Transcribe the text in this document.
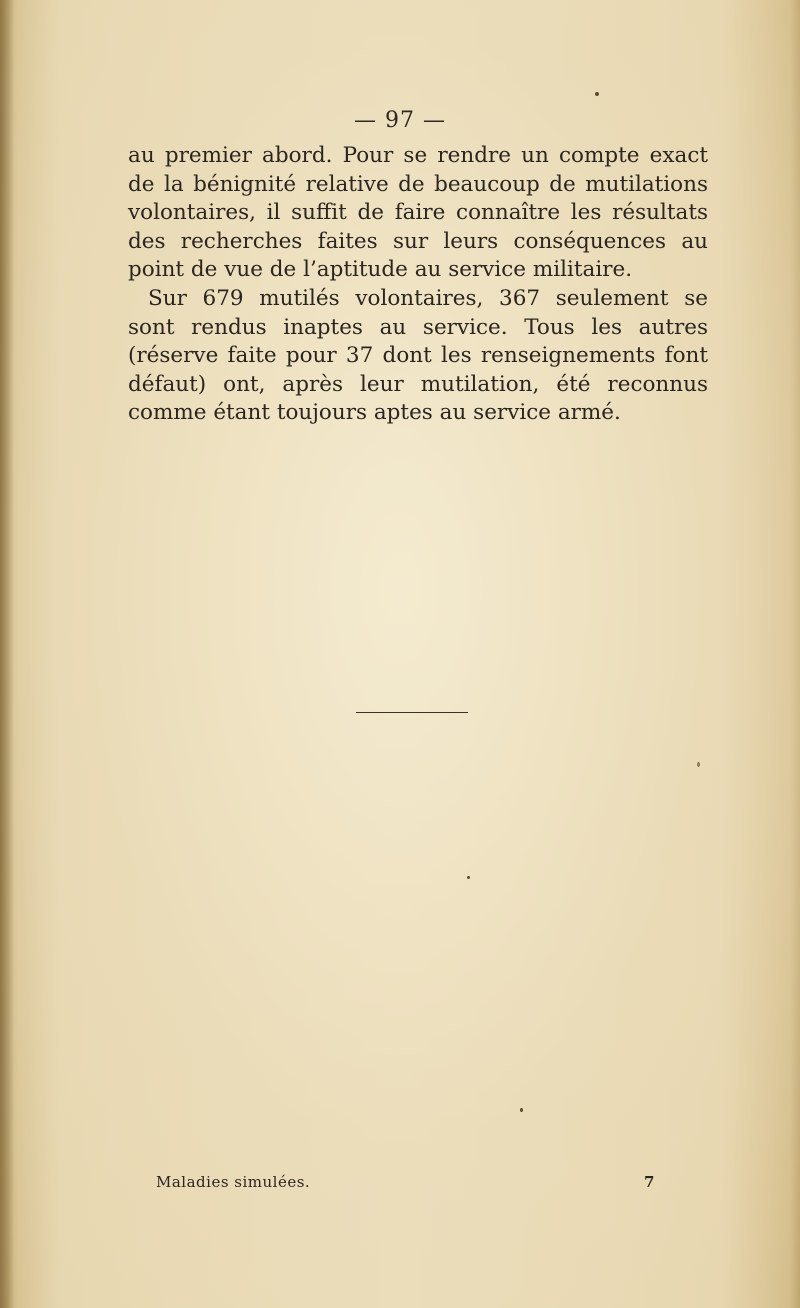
— 97 —

au premier abord. Pour se rendre un compte exact de la bénignité relative de beaucoup de mutilations volontaires, il suffit de faire connaître les résultats des recherches faites sur leurs conséquences au point de vue de l’aptitude au service militaire.

Sur 679 mutilés volontaires, 367 seulement se sont rendus inaptes au service. Tous les autres (réserve faite pour 37 dont les renseignements font défaut) ont, après leur mutilation, été reconnus comme étant toujours aptes au service armé.

Maladies simulées.	7
